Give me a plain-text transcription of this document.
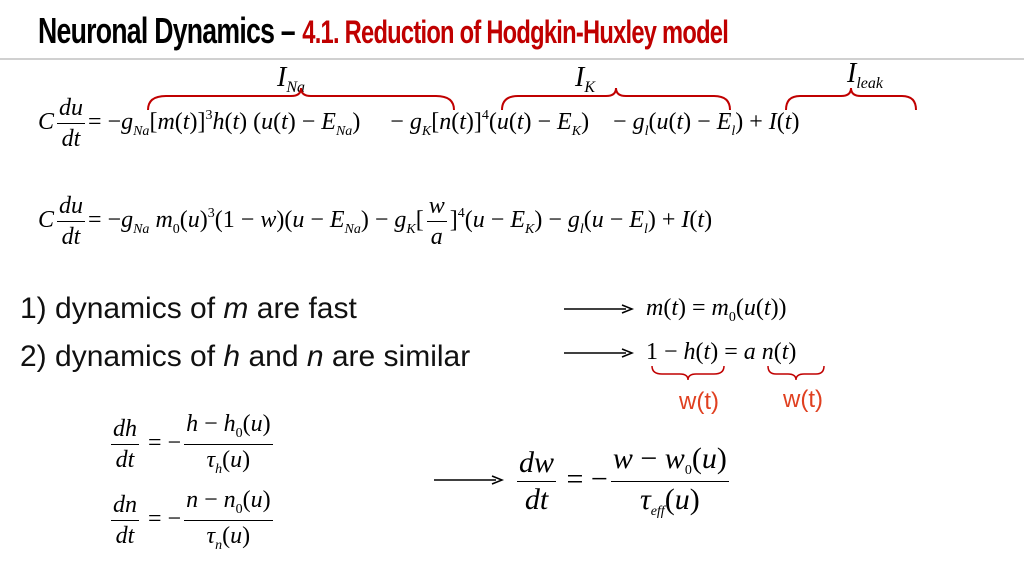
Neuronal Dynamics – 4.1. Reduction of Hodgkin-Huxley model
$I_{Na}$	$I_K$	$I_{leak}$
C $\frac{du}{dt} = -g_{Na}[m(t)]^3h(t) (u(t) - E_{Na})$     − $g_K[n(t)]^4(u(t) - E_K)$    − $g_l(u(t) - E_l) + I(t)$
C $\frac{du}{dt} = -g_{Na}$ $m_0(u)^3(1 - w)(u - E_{Na}) - g_K[ \frac{w}{a} ]^4(u - E_K) - g_l(u - E_l) + I(t)$
1) dynamics of m are fast
2) dynamics of h and n are similar
$m(t) = m_0(u(t))$
1 − h(t) = a n(t)
w(t)	w(t)
$\frac{dh}{dt}$ = − $\frac{h - h_0(u)}{\tau_h(u)}$
$\frac{dn}{dt}$ = − $\frac{n - n_0(u)}{\tau_n(u)}$
$\frac{dw}{dt}$ = − $\frac{w - w_0(u)}{\tau_{eff}(u)}$
